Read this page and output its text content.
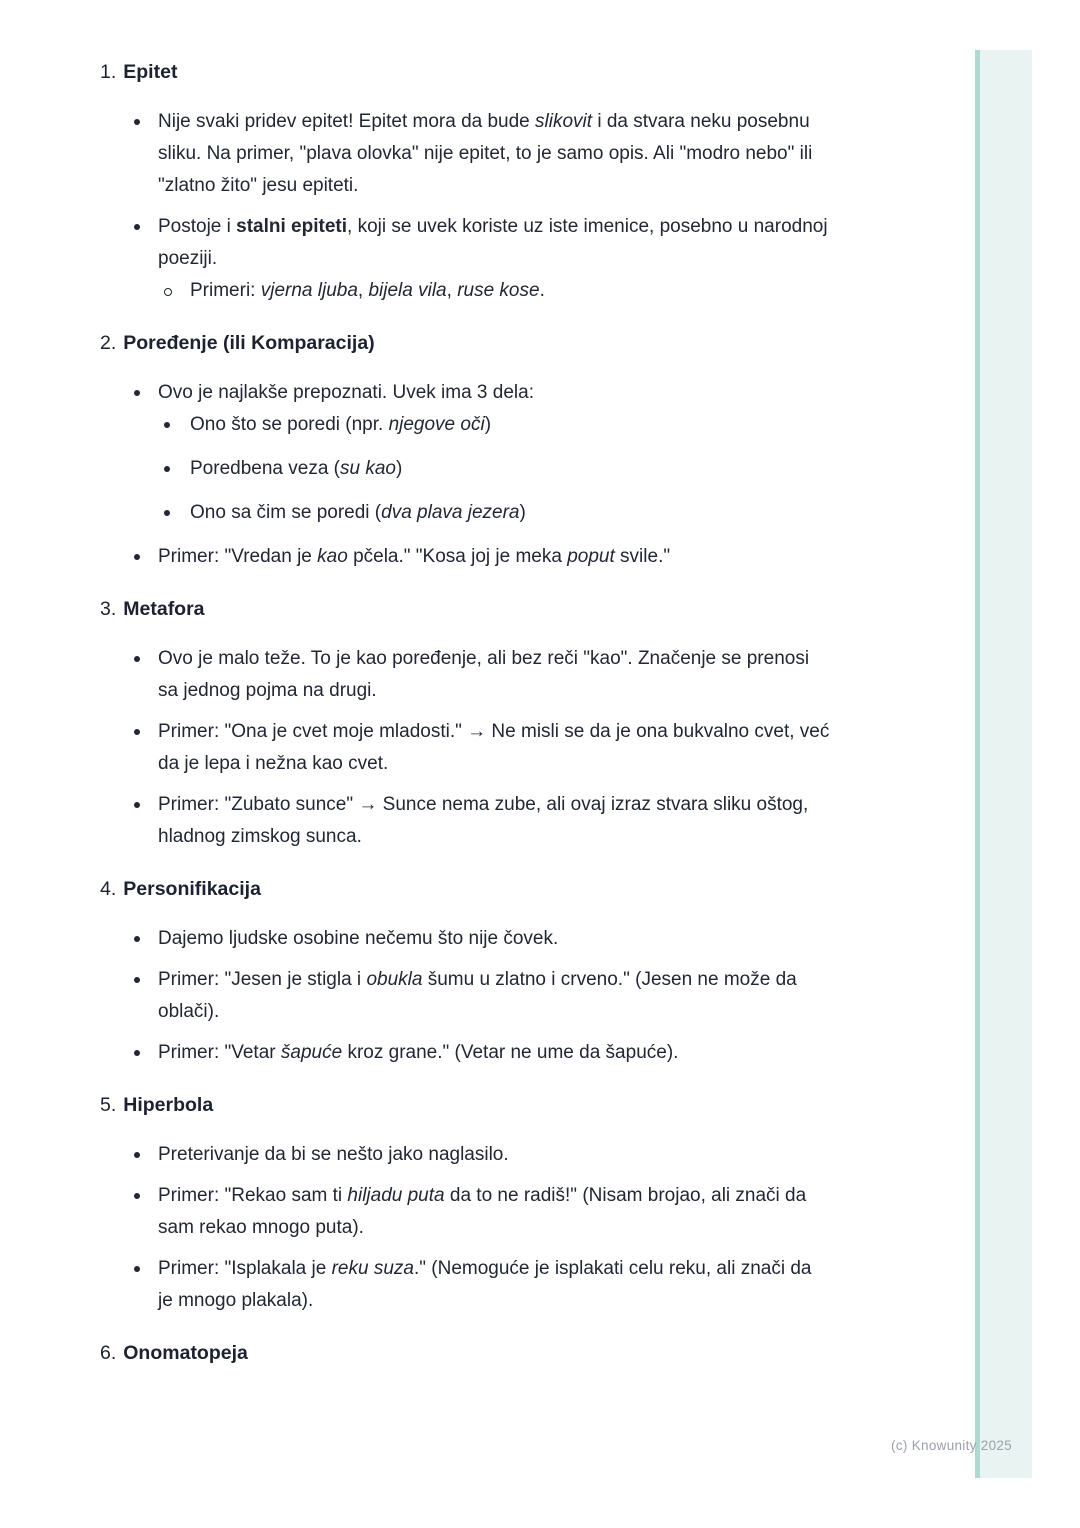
(c) Knowunity 2025
1. Epitet
Nije svaki pridev epitet! Epitet mora da bude slikovit i da stvara neku posebnu sliku. Na primer, "plava olovka" nije epitet, to je samo opis. Ali "modro nebo" ili "zlatno žito" jesu epiteti.
Postoje i stalni epiteti, koji se uvek koriste uz iste imenice, posebno u narodnoj poeziji.
Primeri: vjerna ljuba, bijela vila, ruse kose.
2. Poređenje (ili Komparacija)
Ovo je najlakše prepoznati. Uvek ima 3 dela:
Ono što se poredi (npr. njegove oči)
Poredbena veza (su kao)
Ono sa čim se poredi (dva plava jezera)
Primer: "Vredan je kao pčela." "Kosa joj je meka poput svile."
3. Metafora
Ovo je malo teže. To je kao poređenje, ali bez reči "kao". Značenje se prenosi sa jednog pojma na drugi.
Primer: "Ona je cvet moje mladosti." → Ne misli se da je ona bukvalno cvet, već da je lepa i nežna kao cvet.
Primer: "Zubato sunce" → Sunce nema zube, ali ovaj izraz stvara sliku oštog, hladnog zimskog sunca.
4. Personifikacija
Dajemo ljudske osobine nečemu što nije čovek.
Primer: "Jesen je stigla i obukla šumu u zlatno i crveno." (Jesen ne može da oblači).
Primer: "Vetar šapuće kroz grane." (Vetar ne ume da šapuće).
5. Hiperbola
Preterivanje da bi se nešto jako naglasilo.
Primer: "Rekao sam ti hiljadu puta da to ne radiš!" (Nisam brojao, ali znači da sam rekao mnogo puta).
Primer: "Isplakala je reku suza." (Nemoguće je isplakati celu reku, ali znači da je mnogo plakala).
6. Onomatopeja
